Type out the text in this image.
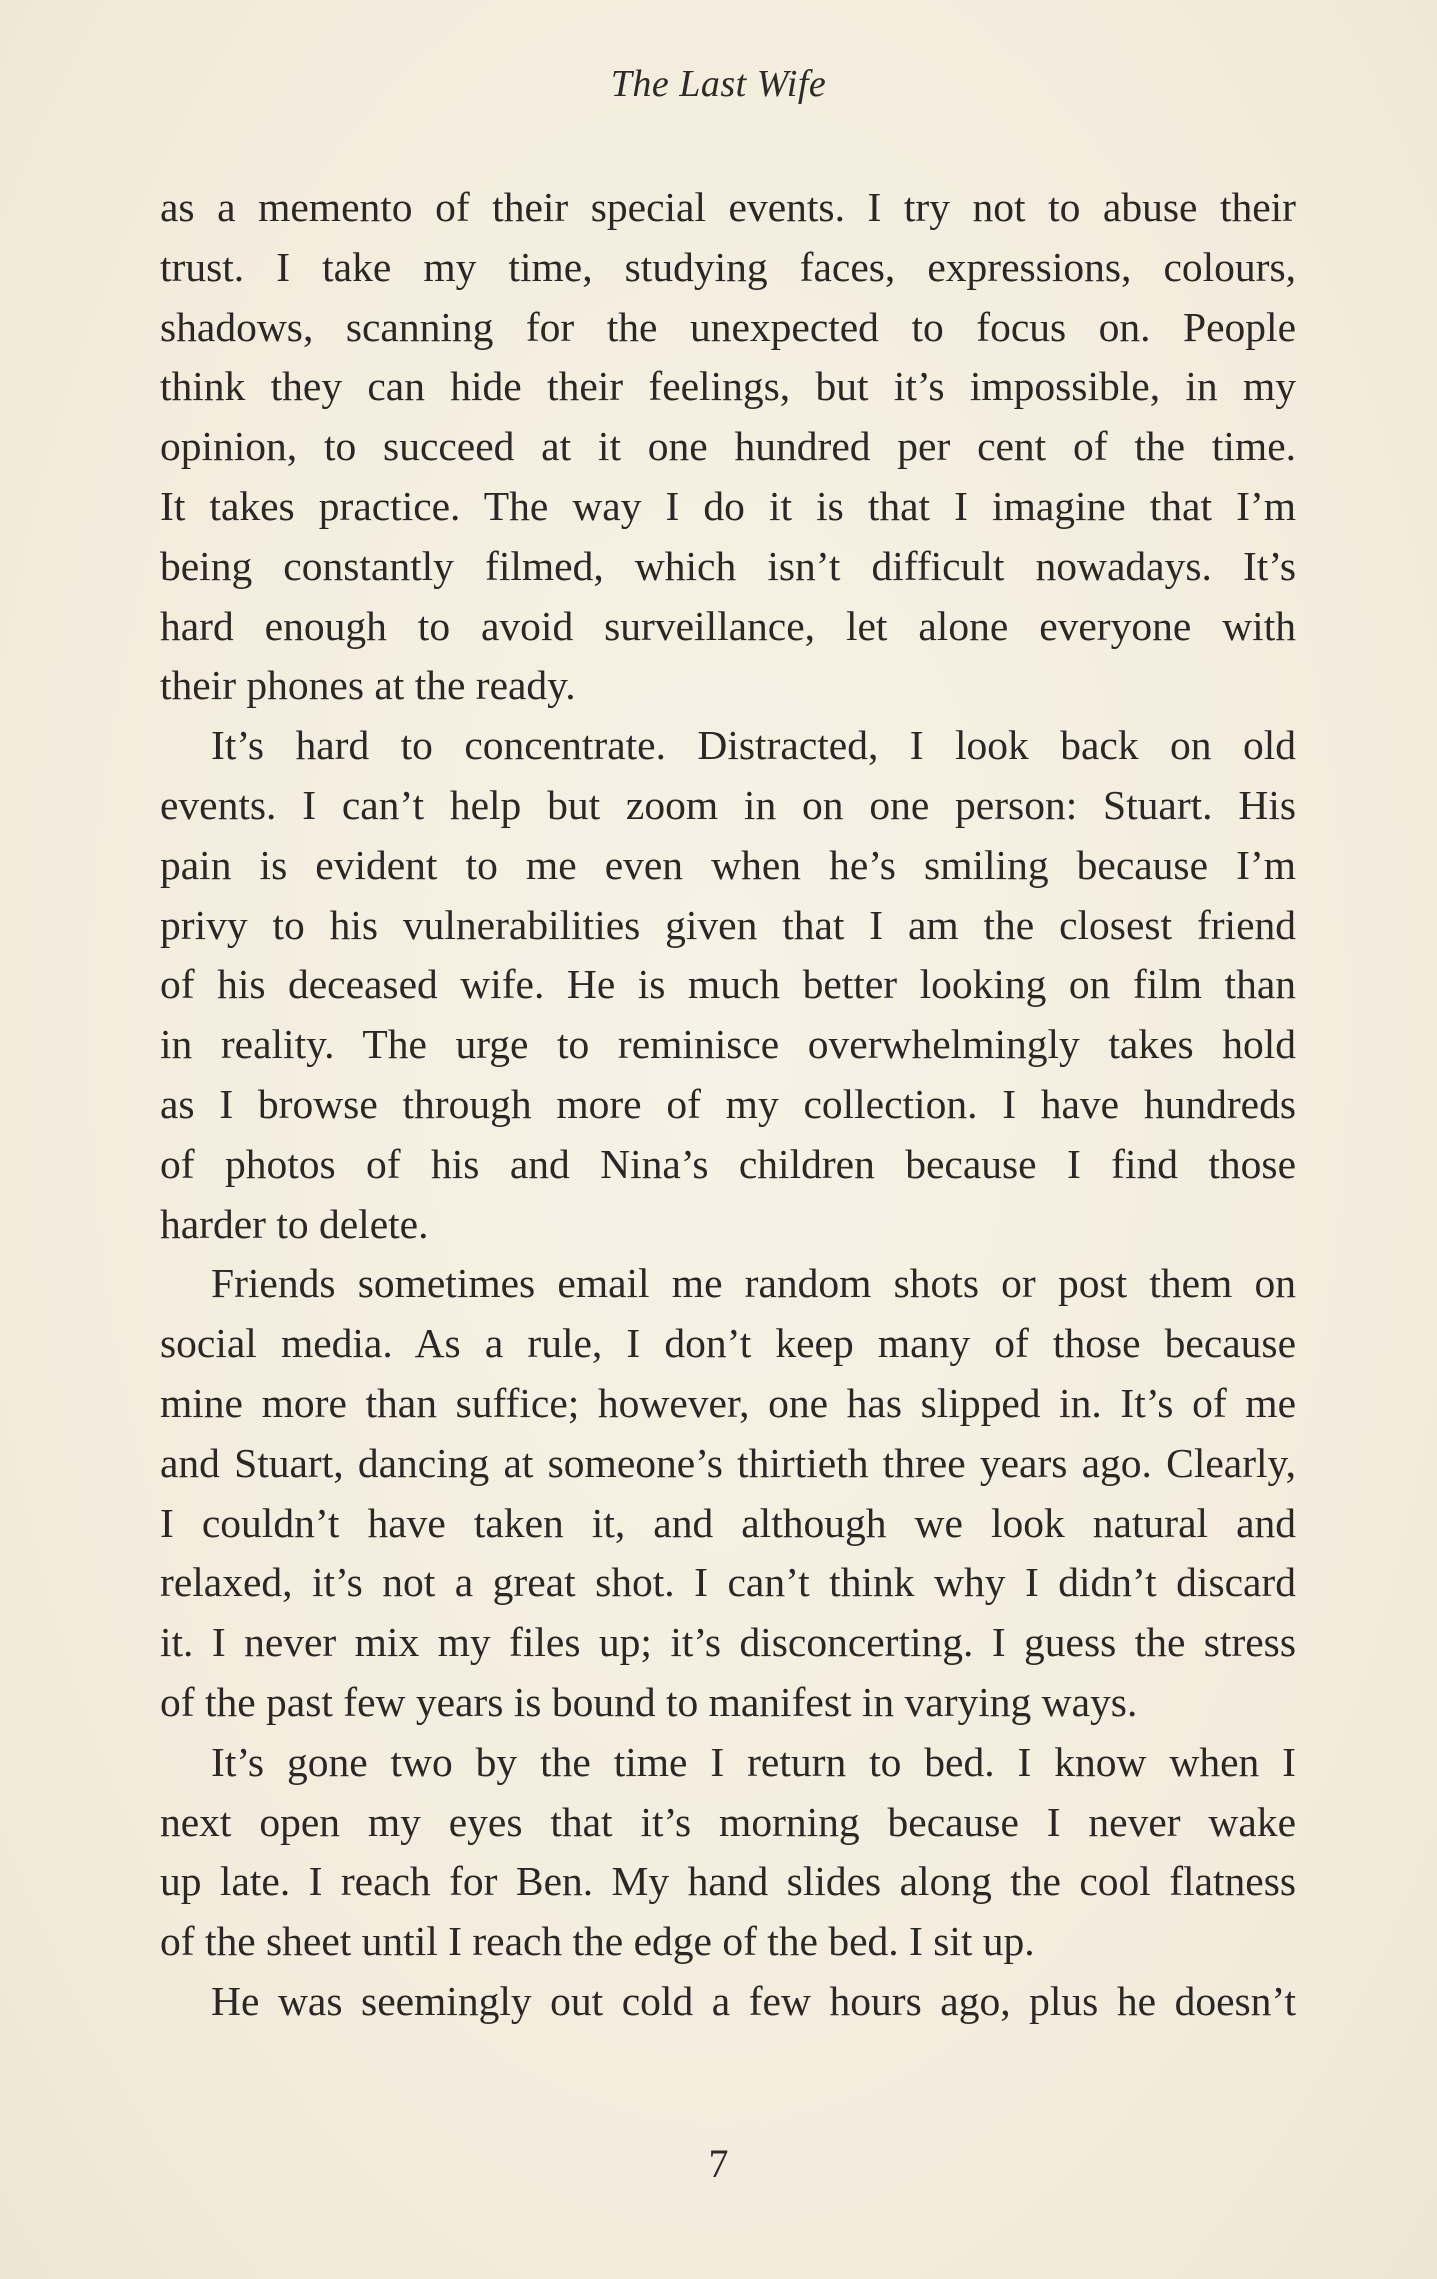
The Last Wife
as a memento of their special events. I try not to abuse their
trust. I take my time, studying faces, expressions, colours,
shadows, scanning for the unexpected to focus on. People
think they can hide their feelings, but it’s impossible, in my
opinion, to succeed at it one hundred per cent of the time.
It takes practice. The way I do it is that I imagine that I’m
being constantly filmed, which isn’t difficult nowadays. It’s
hard enough to avoid surveillance, let alone everyone with
their phones at the ready.
It’s hard to concentrate. Distracted, I look back on old
events. I can’t help but zoom in on one person: Stuart. His
pain is evident to me even when he’s smiling because I’m
privy to his vulnerabilities given that I am the closest friend
of his deceased wife. He is much better looking on film than
in reality. The urge to reminisce overwhelmingly takes hold
as I browse through more of my collection. I have hundreds
of photos of his and Nina’s children because I find those
harder to delete.
Friends sometimes email me random shots or post them on
social media. As a rule, I don’t keep many of those because
mine more than suffice; however, one has slipped in. It’s of me
and Stuart, dancing at someone’s thirtieth three years ago. Clearly,
I couldn’t have taken it, and although we look natural and
relaxed, it’s not a great shot. I can’t think why I didn’t discard
it. I never mix my files up; it’s disconcerting. I guess the stress
of the past few years is bound to manifest in varying ways.
It’s gone two by the time I return to bed. I know when I
next open my eyes that it’s morning because I never wake
up late. I reach for Ben. My hand slides along the cool flatness
of the sheet until I reach the edge of the bed. I sit up.
He was seemingly out cold a few hours ago, plus he doesn’t
7
